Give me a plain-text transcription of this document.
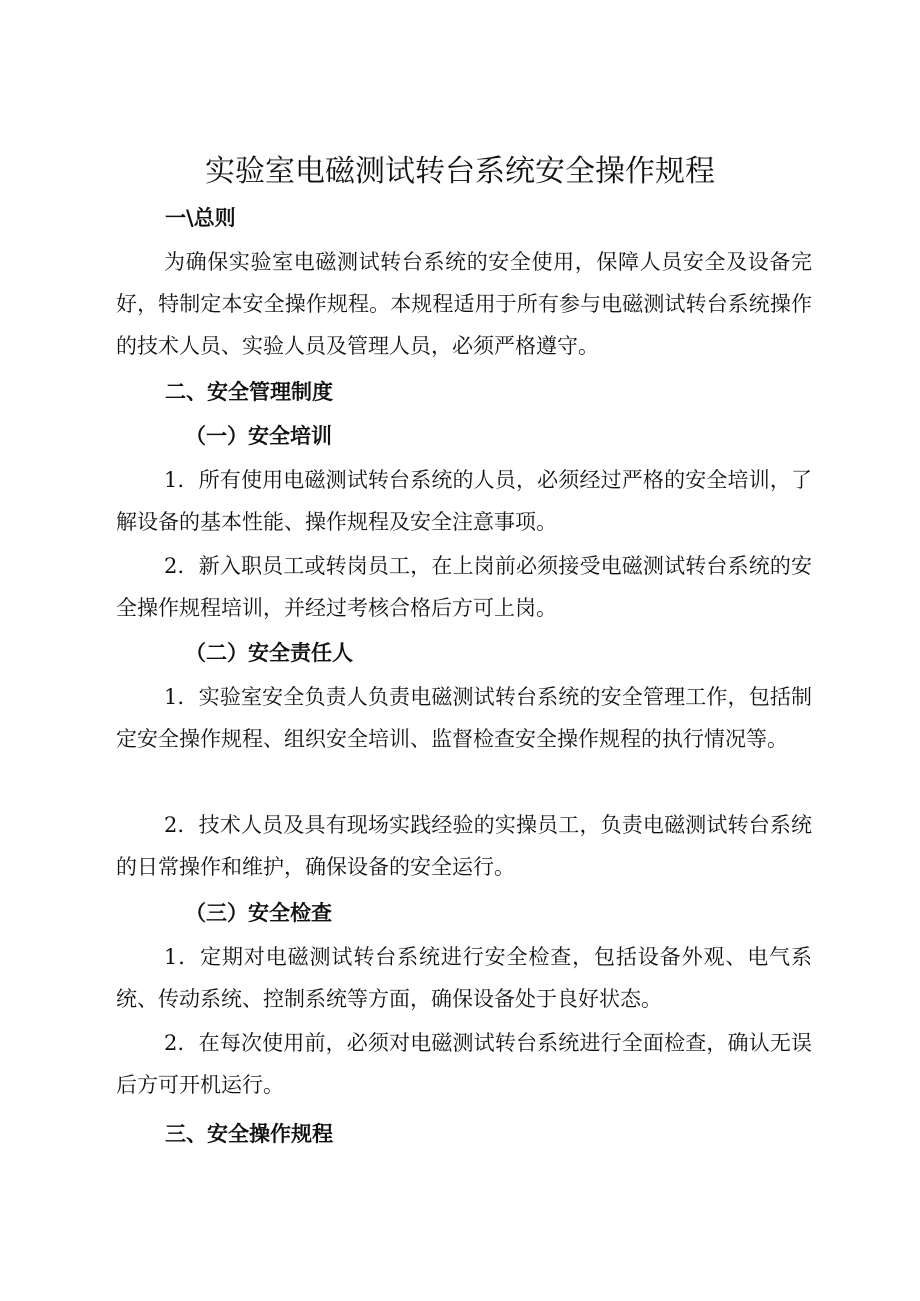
实验室电磁测试转台系统安全操作规程
一\总则
为确保实验室电磁测试转台系统的安全使用，保障人员安全及设备完好，特制定本安全操作规程。本规程适用于所有参与电磁测试转台系统操作的技术人员、实验人员及管理人员，必须严格遵守。
二、安全管理制度
（一）安全培训
1．所有使用电磁测试转台系统的人员，必须经过严格的安全培训，了解设备的基本性能、操作规程及安全注意事项。
2．新入职员工或转岗员工，在上岗前必须接受电磁测试转台系统的安全操作规程培训，并经过考核合格后方可上岗。
（二）安全责任人
1．实验室安全负责人负责电磁测试转台系统的安全管理工作，包括制定安全操作规程、组织安全培训、监督检查安全操作规程的执行情况等。
2．技术人员及具有现场实践经验的实操员工，负责电磁测试转台系统的日常操作和维护，确保设备的安全运行。
（三）安全检查
1．定期对电磁测试转台系统进行安全检查，包括设备外观、电气系统、传动系统、控制系统等方面，确保设备处于良好状态。
2．在每次使用前，必须对电磁测试转台系统进行全面检查，确认无误后方可开机运行。
三、安全操作规程
